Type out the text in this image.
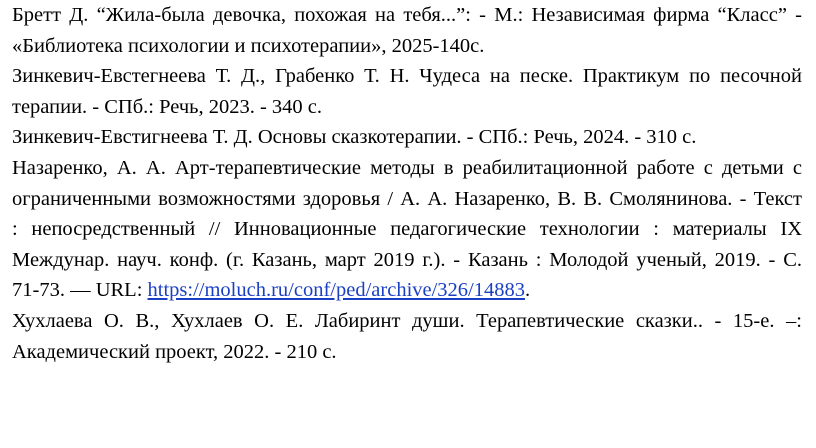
Бретт Д. “Жила-была девочка, похожая на тебя...”: - М.: Независимая фирма “Класс” -
«Библиотека психологии и психотерапии», 2025-140с.
Зинкевич-Евстегнеева Т. Д., Грабенко Т. Н. Чудеса на песке. Практикум по песочной
терапии. - СПб.: Речь, 2023. - 340 с.
Зинкевич-Евстигнеева Т. Д. Основы сказкотерапии. - СПб.: Речь, 2024. - 310 с.
Назаренко, А. А. Арт-терапевтические методы в реабилитационной работе с детьми с
ограниченными возможностями здоровья / А. А. Назаренко, В. В. Смолянинова. - Текст
: непосредственный // Инновационные педагогические технологии : материалы IX
Междунар. науч. конф. (г. Казань, март 2019 г.). - Казань : Молодой ученый, 2019. - С.
71-73. — URL: https://moluch.ru/conf/ped/archive/326/14883.
Хухлаева О. В., Хухлаев О. Е. Лабиринт души. Терапевтические сказки.. - 15-е. –:
Академический проект, 2022. - 210 с.
